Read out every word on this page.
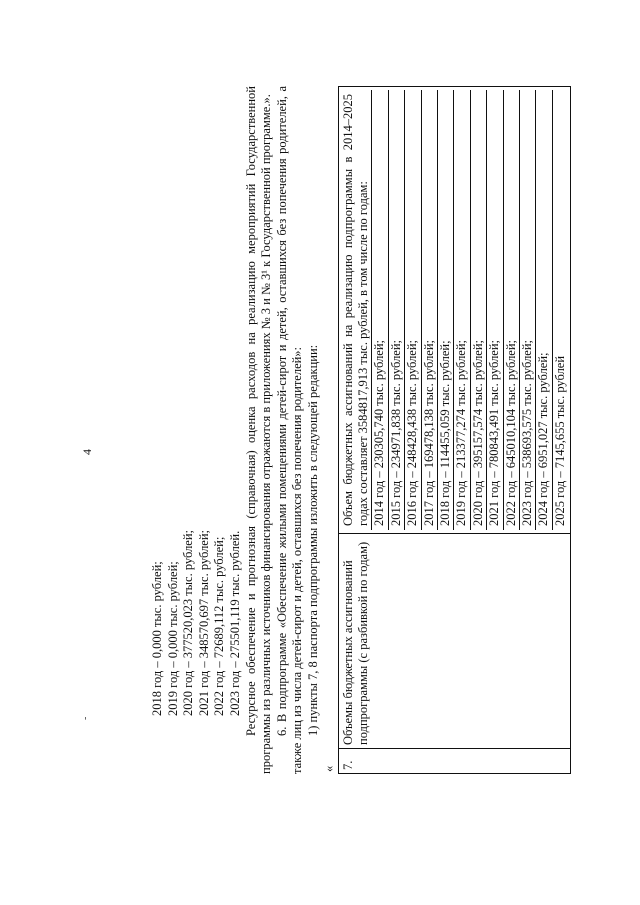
-
4

2018 год – 0,000 тыс. рублей; 2019 год – 0,000 тыс. рублей; 2020 год – 377520,023 тыс. рублей; 2021 год – 348570,697 тыс. рублей; 2022 год – 72689,112 тыс. рублей; 2023 год – 275501,119 тыс. рублей. Ресурсное обеспечение и прогнозная (справочная) оценка расходов на реализацию мероприятий Государственной программы из различных источников финансирования отражаются в приложениях № 3 и № 3¹ к Государственной программе.». 6. В подпрограмме «Обеспечение жилыми помещениями детей-сирот и детей, оставшихся без попечения родителей, а также лиц из числа детей-сирот и детей, оставшихся без попечения родителей»: 1) пункты 7, 8 паспорта подпрограммы изложить в следующей редакции:

« 7.	Объемы бюджетных ассигнований подпрограммы (с разбивкой по годам)	
Объем бюджетных ассигнований на реализацию подпрограммы в 2014–2025 годах составляет 3584817,913 тыс. рублей, в том числе по годам: 2014 год – 230305,740 тыс. рублей; 2015 год – 234971,838 тыс. рублей; 2016 год – 248428,438 тыс. рублей; 2017 год – 169478,138 тыс. рублей; 2018 год – 114455,059 тыс. рублей; 2019 год – 213377,274 тыс. рублей; 2020 год – 395157,574 тыс. рублей; 2021 год – 780843,491 тыс. рублей; 2022 год – 645010,104 тыс. рублей; 2023 год – 538693,575 тыс. рублей; 2024 год – 6951,027 тыс. рублей; 2025 год – 7145,655 тыс. рублей
